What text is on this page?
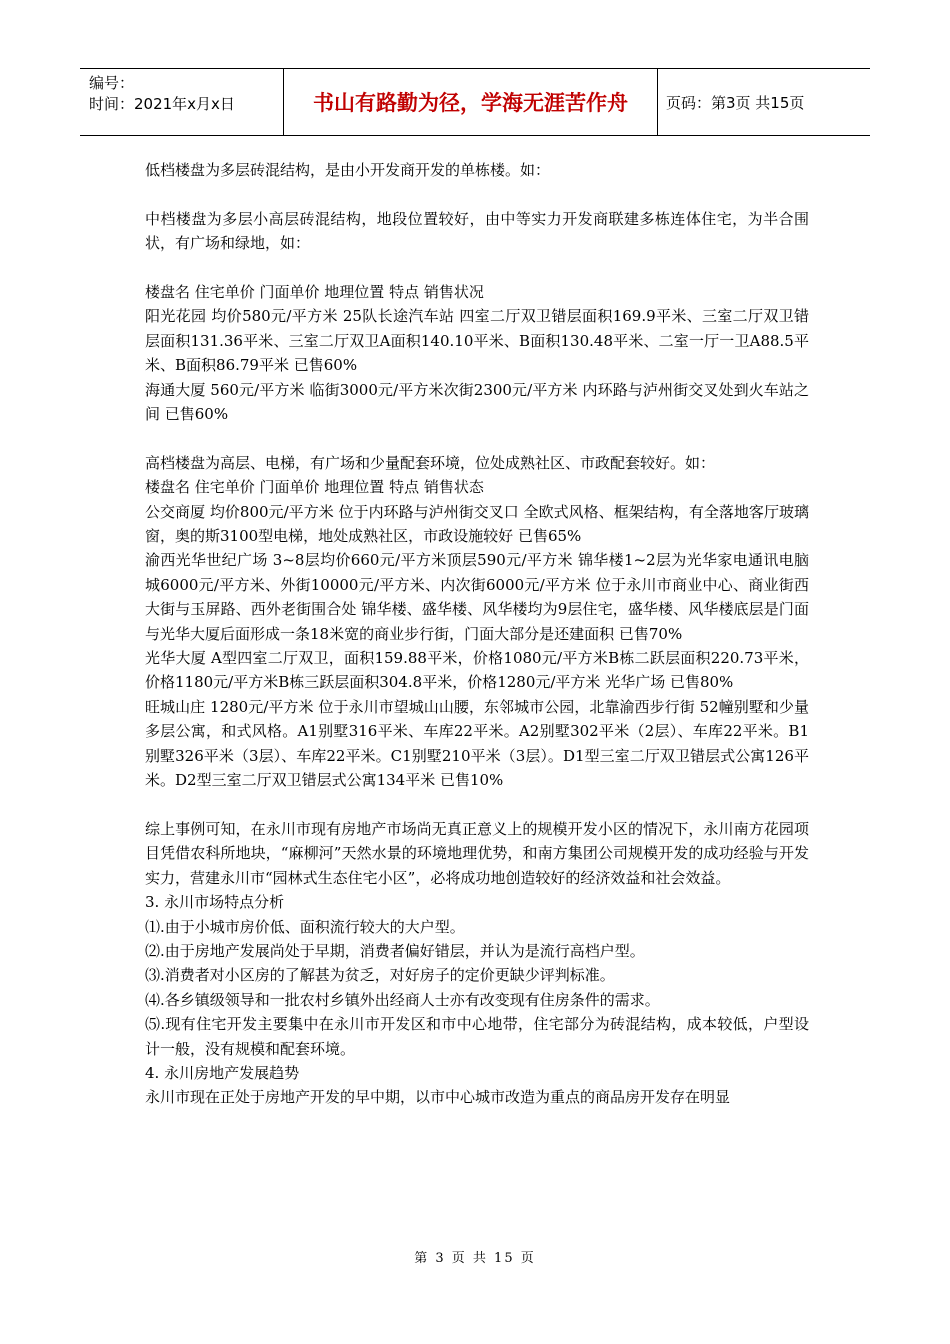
编号：
时间：2021年x月x日	书山有路勤为径，学海无涯苦作舟	页码：第3页 共15页

低档楼盘为多层砖混结构，是由小开发商开发的单栋楼。如：

中档楼盘为多层小高层砖混结构，地段位置较好，由中等实力开发商联建多栋连体住宅，为半合围状，有广场和绿地，如：

楼盘名 住宅单价 门面单价 地理位置 特点 销售状况

阳光花园 均价580元/平方米 25队长途汽车站 四室二厅双卫错层面积169.9平米、三室二厅双卫错层面积131.36平米、三室二厅双卫A面积140.10平米、B面积130.48平米、二室一厅一卫A88.5平米、B面积86.79平米 已售60%

海通大厦 560元/平方米 临街3000元/平方米次街2300元/平方米 内环路与泸州街交叉处到火车站之间 已售60%

高档楼盘为高层、电梯，有广场和少量配套环境，位处成熟社区、市政配套较好。如：

楼盘名 住宅单价 门面单价 地理位置 特点 销售状态

公交商厦 均价800元/平方米 位于内环路与泸州街交叉口 全欧式风格、框架结构，有全落地客厅玻璃窗，奥的斯3100型电梯，地处成熟社区，市政设施较好 已售65%

渝西光华世纪广场 3~8层均价660元/平方米顶层590元/平方米 锦华楼1~2层为光华家电通讯电脑城6000元/平方米、外街10000元/平方米、内次街6000元/平方米 位于永川市商业中心、商业街西大街与玉屏路、西外老街围合处 锦华楼、盛华楼、风华楼均为9层住宅，盛华楼、风华楼底层是门面与光华大厦后面形成一条18米宽的商业步行街，门面大部分是还建面积 已售70%

光华大厦 A型四室二厅双卫，面积159.88平米，价格1080元/平方米B栋二跃层面积220.73平米，价格1180元/平方米B栋三跃层面积304.8平米，价格1280元/平方米 光华广场 已售80%

旺城山庄 1280元/平方米 位于永川市望城山山腰，东邻城市公园，北靠渝西步行街 52幢别墅和少量多层公寓，和式风格。A1别墅316平米、车库22平米。A2别墅302平米（2层）、车库22平米。B1别墅326平米（3层）、车库22平米。C1别墅210平米（3层）。D1型三室二厅双卫错层式公寓126平米。D2型三室二厅双卫错层式公寓134平米 已售10%

综上事例可知，在永川市现有房地产市场尚无真正意义上的规模开发小区的情况下，永川南方花园项目凭借农科所地块，“麻柳河”天然水景的环境地理优势，和南方集团公司规模开发的成功经验与开发实力，营建永川市“园林式生态住宅小区”，必将成功地创造较好的经济效益和社会效益。

3. 永川市场特点分析

⑴.由于小城市房价低、面积流行较大的大户型。

⑵.由于房地产发展尚处于早期，消费者偏好错层，并认为是流行高档户型。

⑶.消费者对小区房的了解甚为贫乏，对好房子的定价更缺少评判标准。

⑷.各乡镇级领导和一批农村乡镇外出经商人士亦有改变现有住房条件的需求。

⑸.现有住宅开发主要集中在永川市开发区和市中心地带，住宅部分为砖混结构，成本较低，户型设计一般，没有规模和配套环境。

4. 永川房地产发展趋势

永川市现在正处于房地产开发的早中期，以市中心城市改造为重点的商品房开发存在明显

第 3 页 共 15 页
